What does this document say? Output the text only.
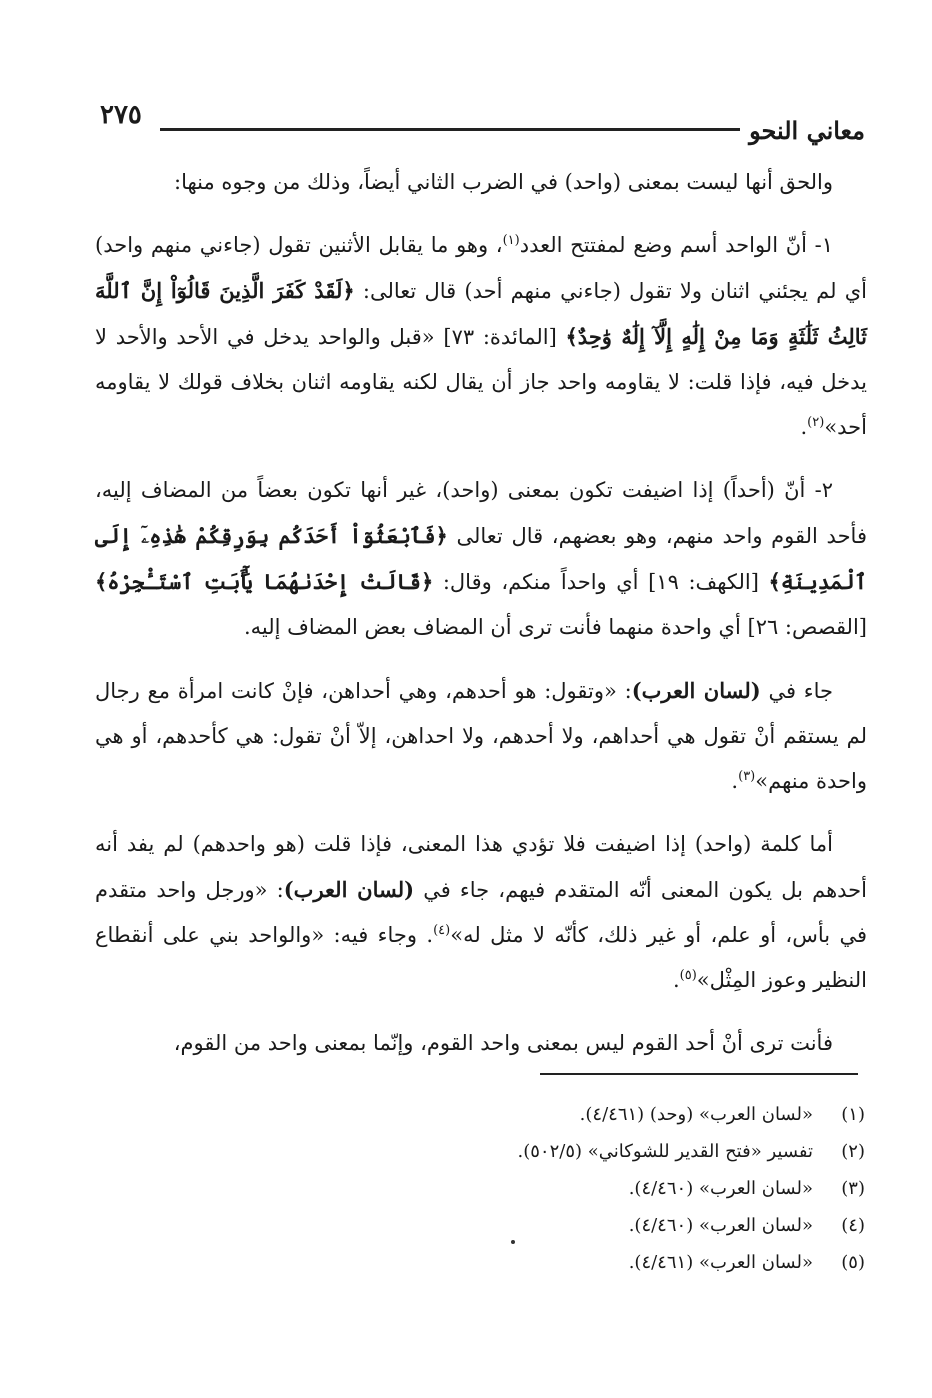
٢٧٥
معاني النحو

والحق أنها ليست بمعنى (واحد) في الضرب الثاني أيضاً، وذلك من وجوه منها:

١- أنّ الواحد أسم وضع لمفتتح العدد$^{(١)}$، وهو ما يقابل الأثنين تقول (جاءني منهم واحد) أي لم يجئني اثنان ولا تقول (جاءني منهم أحد) قال تعالى: ﴿لَقَدْ كَفَرَ الَّذِينَ قَالُوٓاْ إِنَّ ٱللَّهَ ثَالِثُ ثَلَٰثَةٍ وَمَا مِنْ إِلَٰهٍ إِلَّآ إِلَٰهٌ وَٰحِدٌ﴾ [المائدة: ٧٣] «قبل والواحد يدخل في الأحد والأحد لا يدخل فيه، فإذا قلت: لا يقاومه واحد جاز أن يقال لكنه يقاومه اثنان بخلاف قولك لا يقاومه أحد»$^{(٢)}$.

٢- أنّ (أحداً) إذا اضيفت تكون بمعنى (واحد)، غير أنها تكون بعضاً من المضاف إليه، فأحد القوم واحد منهم، وهو بعضهم، قال تعالى ﴿فَٱبْعَثُوٓاْ أَحَدَكُم بِوَرِقِكُمْ هَٰذِهِۦٓ إِلَى ٱلْمَدِينَةِ﴾ [الكهف: ١٩] أي واحداً منكم، وقال: ﴿قَالَتْ إِحْدَىٰهُمَا يَٰٓأَبَتِ ٱسْتَـْٔجِرْهُ﴾ [القصص: ٢٦] أي واحدة منهما فأنت ترى أن المضاف بعض المضاف إليه.

جاء في (لسان العرب): «وتقول: هو أحدهم، وهي أحداهن، فإنْ كانت امرأة مع رجال لم يستقم أنْ تقول هي أحداهم، ولا أحدهم، ولا احداهن، إلاّ أنْ تقول: هي كأحدهم، أو هي واحدة منهم»$^{(٣)}$.

أما كلمة (واحد) إذا اضيفت فلا تؤدي هذا المعنى، فإذا قلت (هو واحدهم) لم يفد أنه أحدهم بل يكون المعنى أنّه المتقدم فيهم، جاء في (لسان العرب): «ورجل واحد متقدم في بأس، أو علم، أو غير ذلك، كأنّه لا مثل له»$^{(٤)}$. وجاء فيه: «والواحد بني على أنقطاع النظير وعوز المِثْل»$^{(٥)}$.

فأنت ترى أنْ أحد القوم ليس بمعنى واحد القوم، وإنّما بمعنى واحد من القوم،

(١)
«لسان العرب» (وحد) (٤/٤٦١).
(٢)
تفسير «فتح القدير للشوكاني» (٥٠٢/٥).
(٣)
«لسان العرب» (٤/٤٦٠).
(٤)
«لسان العرب» (٤/٤٦٠).
(٥)
«لسان العرب» (٤/٤٦١).
